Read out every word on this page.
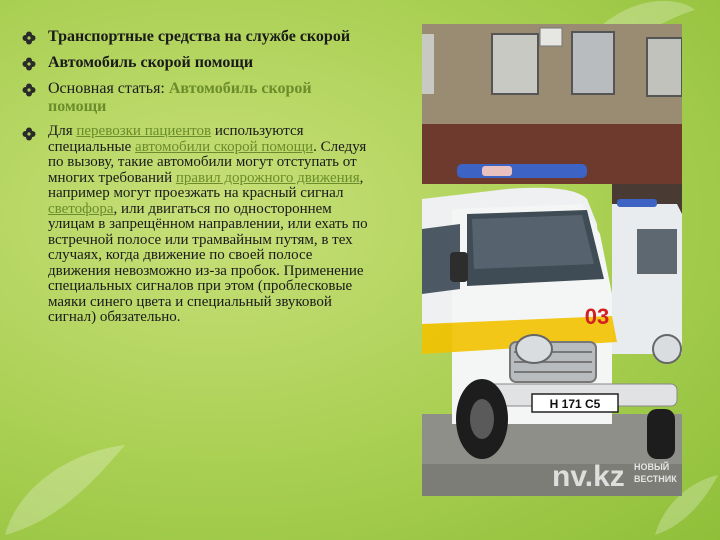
Транспортные средства на службе скорой
Автомобиль скорой помощи
Основная статья: Автомобиль скорой помощи
Для перевозки пациентов используются специальные автомобили скорой помощи. Следуя по вызову, такие автомобили могут отступать от многих требований правил дорожного движения, например могут проезжать на красный сигнал светофора, или двигаться по одностороннем улицам в запрещённом направлении, или ехать по встречной полосе или трамвайным путям, в тех случаях, когда движение по своей полосе движения невозможно из-за пробок. Применение специальных сигналов при этом (проблесковые маяки синего цвета и специальный звуковой сигнал) обязательно.
H 171 C5
03
nv.kz НОВЫЙ
ВЕСТНИК
